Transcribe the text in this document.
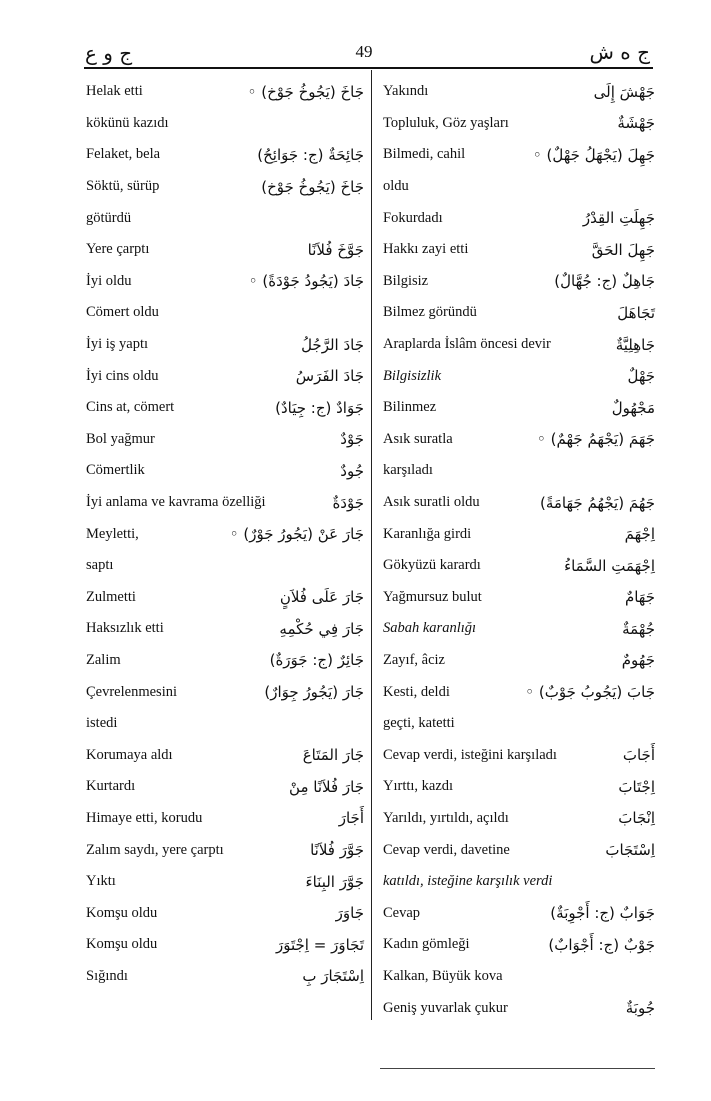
ج و ع	49	ج ه ش
Helak etti	جَاخَ (يَجُوخُ جَوْخ) ◦
kökünü kazıdı
Felaket, bela	جَائِحَةٌ (ج: جَوَائِحُ)
Söktü, sürüp	جَاخَ (يَجُوخُ جَوْخ)
götürdü
Yere çarptı	جَوَّخَ فُلاَنًا
İyi oldu	جَادَ (يَجُودُ جَوْدَةً) ◦
Cömert oldu
İyi iş yaptı	جَادَ الرَّجُلُ
İyi cins oldu	جَادَ الفَرَسُ
Cins at, cömert	جَوَادٌ (ج: جِيَادٌ)
Bol yağmur	جَوْدٌ
Cömertlik	جُودٌ
İyi anlama ve kavrama özelliği	جَوْدَةٌ
Meyletti,	جَارَ عَنْ (يَجُورُ جَوْرٌ) ◦
saptı
Zulmetti	جَارَ عَلَى فُلاَنٍ
Haksızlık etti	جَارَ فِي حُكْمِهِ
Zalim	جَائِرٌ (ج: جَوَرَةٌ)
Çevrelenmesini	جَارَ (يَجُورُ جِوَارٌ)
istedi
Korumaya aldı	جَارَ المَتَاعَ
Kurtardı	جَارَ فُلاَنًا مِنْ
Himaye etti, korudu	أَجَارَ
Zalım saydı, yere çarptı	جَوَّرَ فُلاَنًا
Yıktı	جَوَّرَ البِنَاءَ
Komşu oldu	جَاوَرَ
Komşu oldu	تَجَاوَرَ = اِجْتَوَرَ
Sığındı	اِسْتَجَارَ بِ
Yakındı	جَهْشَ إِلَى
Topluluk, Göz yaşları	جَهْشَةٌ
Bilmedi, cahil	جَهِلَ (يَجْهَلُ جَهْلٌ) ◦
oldu
Fokurdadı	جَهِلَتِ القِدْرُ
Hakkı zayi etti	جَهِلَ الحَقَّ
Bilgisiz	جَاهِلٌ (ج: جُهَّالٌ)
Bilmez göründü	تَجَاهَلَ
Araplarda İslâm öncesi devir	جَاهِلِيَّةٌ
Bilgisizlik	جَهْلٌ
Bilinmez	مَجْهُولٌ
Asık suratla	جَهَمَ (يَجْهَمُ جَهْمٌ) ◦
karşıladı
Asık suratli oldu	جَهُمَ (يَجْهُمُ جَهَامَةً)
Karanlığa girdi	اِجْهَمَ
Gökyüzü karardı	اِجْهَمَتِ السَّمَاءُ
Yağmursuz bulut	جَهَامٌ
Sabah karanlığı	جُهْمَةٌ
Zayıf, âciz	جَهُومٌ
Kesti, deldi	جَابَ (يَجُوبُ جَوْبٌ) ◦
geçti, katetti
Cevap verdi, isteğini karşıladı	أَجَابَ
Yırttı, kazdı	اِجْتَابَ
Yarıldı, yırtıldı, açıldı	اِنْجَابَ
Cevap verdi, davetine	اِسْتَجَابَ
katıldı, isteğine karşılık verdi
Cevap	جَوَابٌ (ج: أَجْوِبَةٌ)
Kadın gömleği	جَوْبٌ (ج: أَجْوَابٌ)
Kalkan, Büyük kova
Geniş yuvarlak çukur	جُوبَةٌ
